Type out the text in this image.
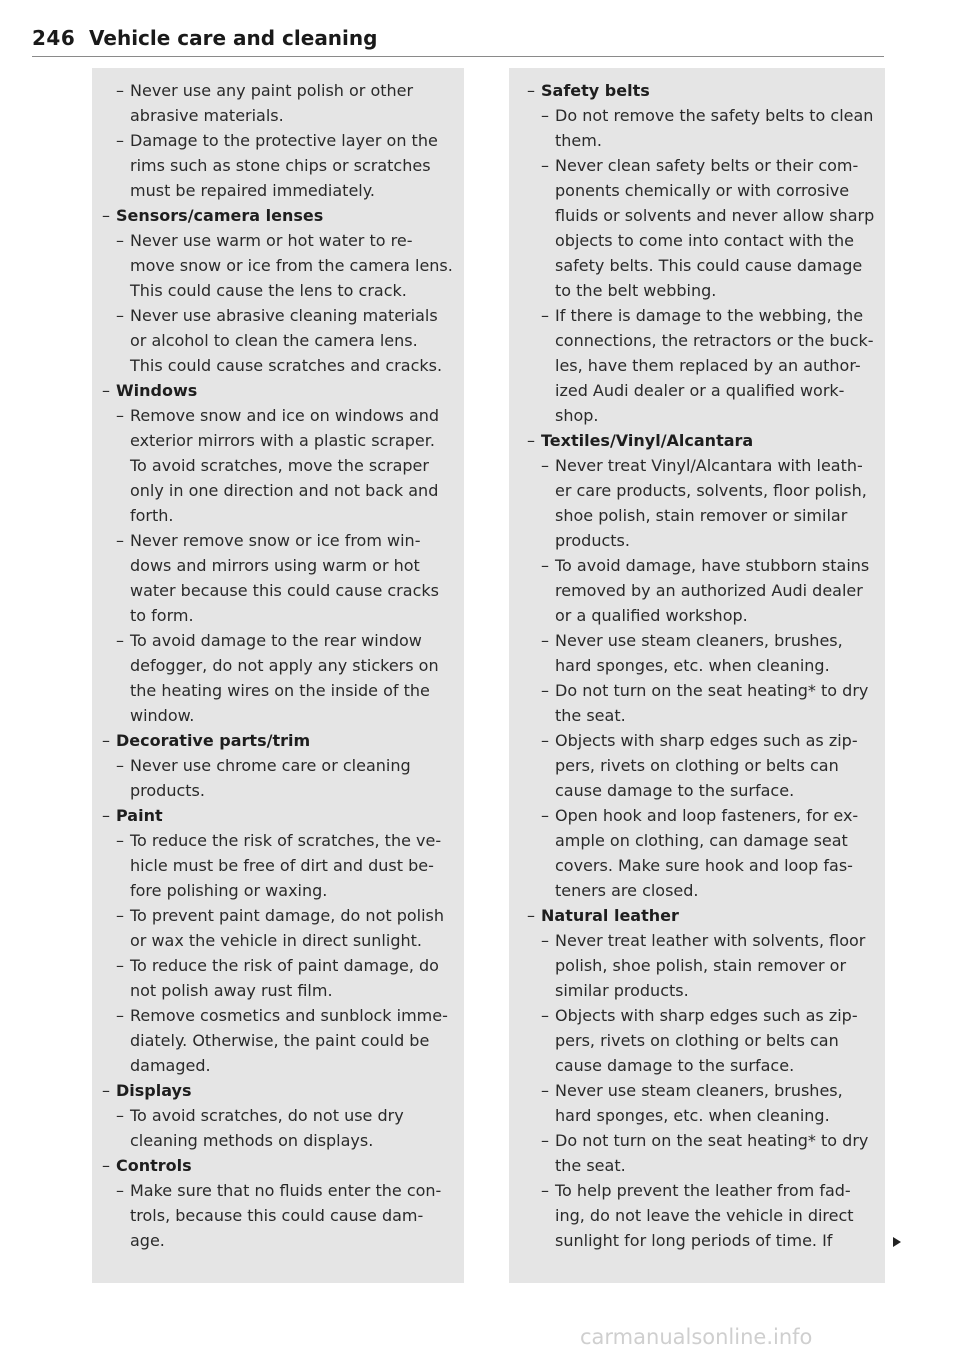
246 Vehicle care and cleaning
– Never use any paint polish or other abrasive materials.
– Damage to the protective layer on the rims such as stone chips or scratches must be repaired immediately.
– Sensors/camera lenses
– Never use warm or hot water to re-move snow or ice from the camera lens. This could cause the lens to crack.
– Never use abrasive cleaning materials or alcohol to clean the camera lens. This could cause scratches and cracks.
– Windows
– Remove snow and ice on windows and exterior mirrors with a plastic scraper. To avoid scratches, move the scraper only in one direction and not back and forth.
– Never remove snow or ice from win-dows and mirrors using warm or hot water because this could cause cracks to form.
– To avoid damage to the rear window defogger, do not apply any stickers on the heating wires on the inside of the window.
– Decorative parts/trim
– Never use chrome care or cleaning products.
– Paint
– To reduce the risk of scratches, the ve-hicle must be free of dirt and dust be-fore polishing or waxing.
– To prevent paint damage, do not polish or wax the vehicle in direct sunlight.
– To reduce the risk of paint damage, do not polish away rust film.
– Remove cosmetics and sunblock imme-diately. Otherwise, the paint could be damaged.
– Displays
– To avoid scratches, do not use dry cleaning methods on displays.
– Controls
– Make sure that no fluids enter the con-trols, because this could cause dam-age.
– Safety belts
– Do not remove the safety belts to clean them.
– Never clean safety belts or their com-ponents chemically or with corrosive fluids or solvents and never allow sharp objects to come into contact with the safety belts. This could cause damage to the belt webbing.
– If there is damage to the webbing, the connections, the retractors or the buck-les, have them replaced by an author-ized Audi dealer or a qualified work-shop.
– Textiles/Vinyl/Alcantara
– Never treat Vinyl/Alcantara with leath-er care products, solvents, floor polish, shoe polish, stain remover or similar products.
– To avoid damage, have stubborn stains removed by an authorized Audi dealer or a qualified workshop.
– Never use steam cleaners, brushes, hard sponges, etc. when cleaning.
– Do not turn on the seat heating* to dry the seat.
– Objects with sharp edges such as zip-pers, rivets on clothing or belts can cause damage to the surface.
– Open hook and loop fasteners, for ex-ample on clothing, can damage seat covers. Make sure hook and loop fas-teners are closed.
– Natural leather
– Never treat leather with solvents, floor polish, shoe polish, stain remover or similar products.
– Objects with sharp edges such as zip-pers, rivets on clothing or belts can cause damage to the surface.
– Never use steam cleaners, brushes, hard sponges, etc. when cleaning.
– Do not turn on the seat heating* to dry the seat.
– To help prevent the leather from fad-ing, do not leave the vehicle in direct sunlight for long periods of time. If
carmanualsonline.info
